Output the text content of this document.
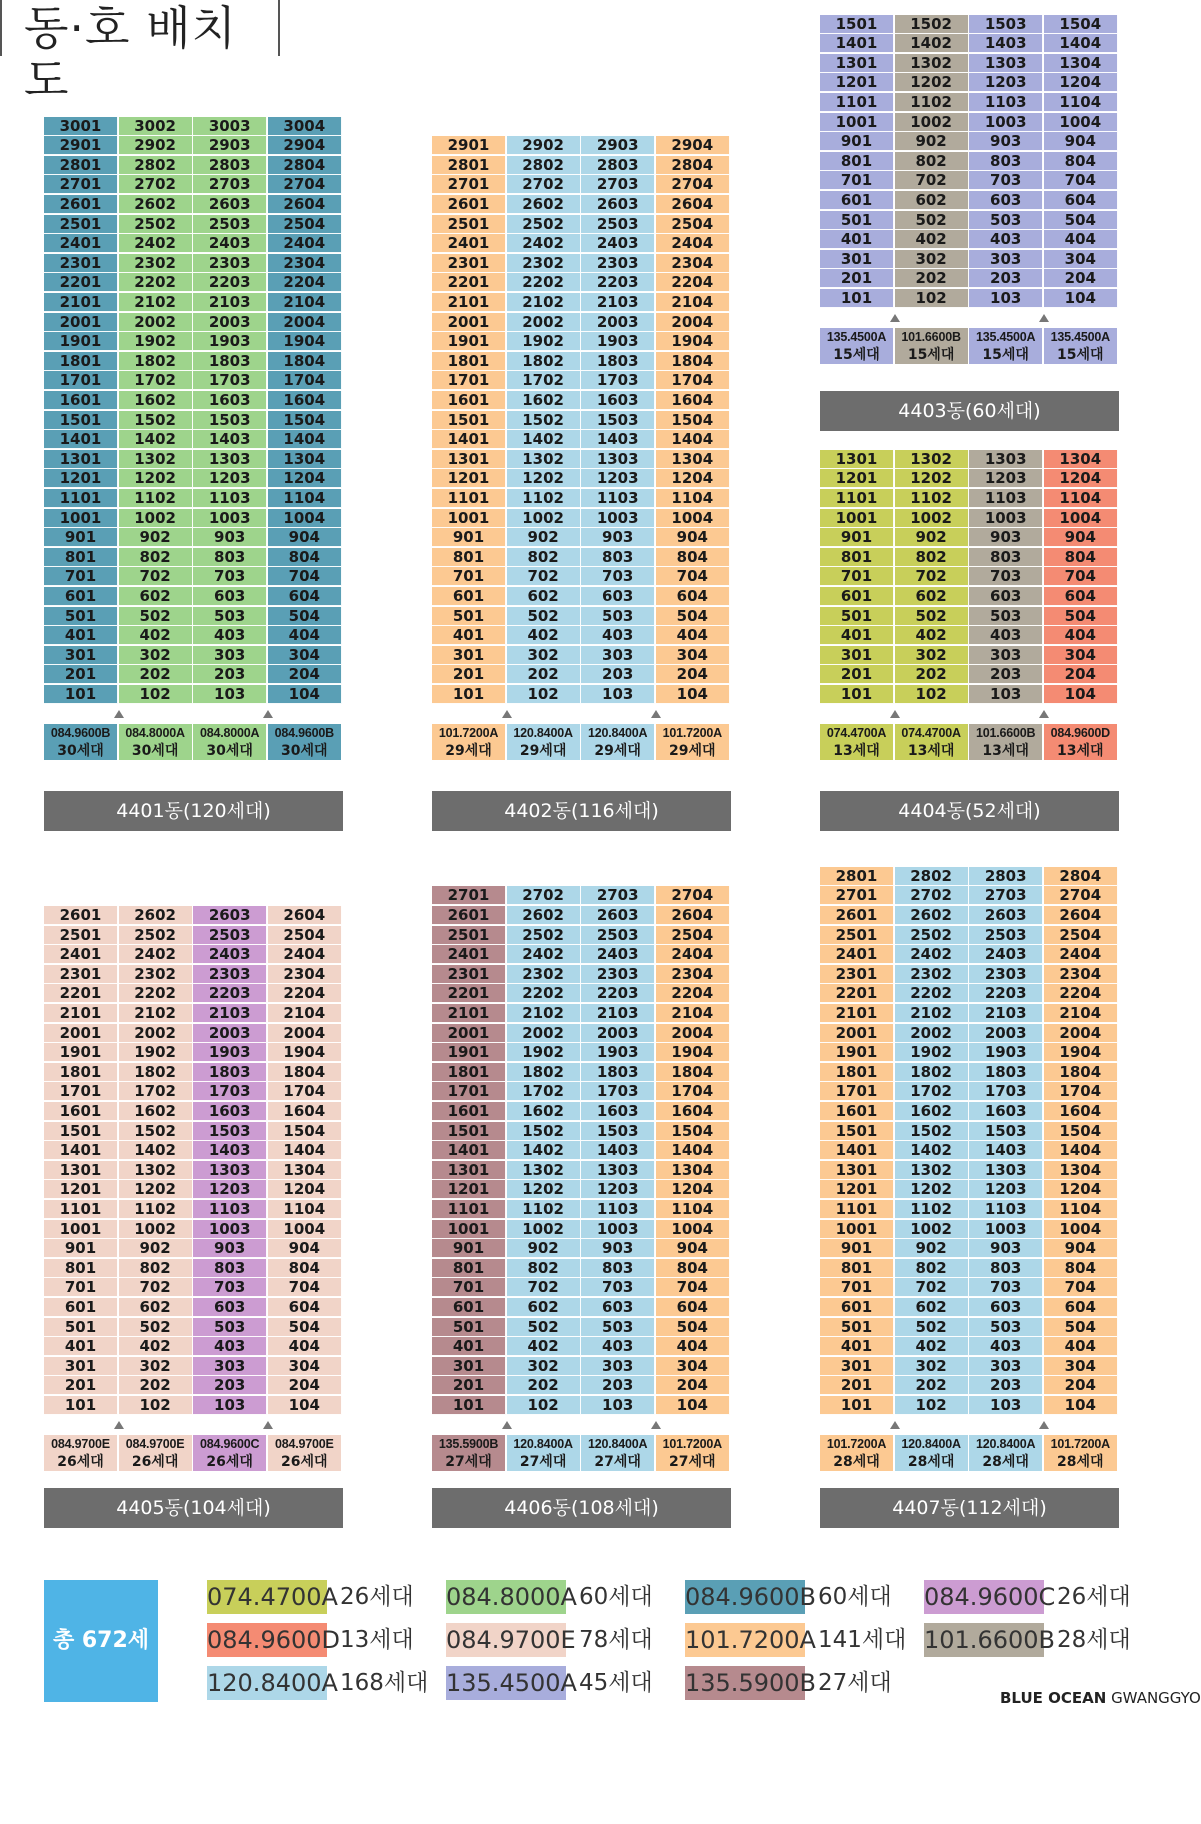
동·호 배치도
3001	3002	3003	3004
2901	2902	2903	2904
2801	2802	2803	2804
2701	2702	2703	2704
2601	2602	2603	2604
2501	2502	2503	2504
2401	2402	2403	2404
2301	2302	2303	2304
2201	2202	2203	2204
2101	2102	2103	2104
2001	2002	2003	2004
1901	1902	1903	1904
1801	1802	1803	1804
1701	1702	1703	1704
1601	1602	1603	1604
1501	1502	1503	1504
1401	1402	1403	1404
1301	1302	1303	1304
1201	1202	1203	1204
1101	1102	1103	1104
1001	1002	1003	1004
901	902	903	904
801	802	803	804
701	702	703	704
601	602	603	604
501	502	503	504
401	402	403	404
301	302	303	304
201	202	203	204
101	102	103	104
084.9600B
30세대
084.8000A
30세대
084.8000A
30세대
084.9600B
30세대
4401동(120세대)
2901	2902	2903	2904
2801	2802	2803	2804
2701	2702	2703	2704
2601	2602	2603	2604
2501	2502	2503	2504
2401	2402	2403	2404
2301	2302	2303	2304
2201	2202	2203	2204
2101	2102	2103	2104
2001	2002	2003	2004
1901	1902	1903	1904
1801	1802	1803	1804
1701	1702	1703	1704
1601	1602	1603	1604
1501	1502	1503	1504
1401	1402	1403	1404
1301	1302	1303	1304
1201	1202	1203	1204
1101	1102	1103	1104
1001	1002	1003	1004
901	902	903	904
801	802	803	804
701	702	703	704
601	602	603	604
501	502	503	504
401	402	403	404
301	302	303	304
201	202	203	204
101	102	103	104
101.7200A
29세대
120.8400A
29세대
120.8400A
29세대
101.7200A
29세대
4402동(116세대)
1501	1502	1503	1504
1401	1402	1403	1404
1301	1302	1303	1304
1201	1202	1203	1204
1101	1102	1103	1104
1001	1002	1003	1004
901	902	903	904
801	802	803	804
701	702	703	704
601	602	603	604
501	502	503	504
401	402	403	404
301	302	303	304
201	202	203	204
101	102	103	104
135.4500A
15세대
101.6600B
15세대
135.4500A
15세대
135.4500A
15세대
4403동(60세대)
1301	1302	1303	1304
1201	1202	1203	1204
1101	1102	1103	1104
1001	1002	1003	1004
901	902	903	904
801	802	803	804
701	702	703	704
601	602	603	604
501	502	503	504
401	402	403	404
301	302	303	304
201	202	203	204
101	102	103	104
074.4700A
13세대
074.4700A
13세대
101.6600B
13세대
084.9600D
13세대
4404동(52세대)
2601	2602	2603	2604
2501	2502	2503	2504
2401	2402	2403	2404
2301	2302	2303	2304
2201	2202	2203	2204
2101	2102	2103	2104
2001	2002	2003	2004
1901	1902	1903	1904
1801	1802	1803	1804
1701	1702	1703	1704
1601	1602	1603	1604
1501	1502	1503	1504
1401	1402	1403	1404
1301	1302	1303	1304
1201	1202	1203	1204
1101	1102	1103	1104
1001	1002	1003	1004
901	902	903	904
801	802	803	804
701	702	703	704
601	602	603	604
501	502	503	504
401	402	403	404
301	302	303	304
201	202	203	204
101	102	103	104
084.9700E
26세대
084.9700E
26세대
084.9600C
26세대
084.9700E
26세대
4405동(104세대)
2701	2702	2703	2704
2601	2602	2603	2604
2501	2502	2503	2504
2401	2402	2403	2404
2301	2302	2303	2304
2201	2202	2203	2204
2101	2102	2103	2104
2001	2002	2003	2004
1901	1902	1903	1904
1801	1802	1803	1804
1701	1702	1703	1704
1601	1602	1603	1604
1501	1502	1503	1504
1401	1402	1403	1404
1301	1302	1303	1304
1201	1202	1203	1204
1101	1102	1103	1104
1001	1002	1003	1004
901	902	903	904
801	802	803	804
701	702	703	704
601	602	603	604
501	502	503	504
401	402	403	404
301	302	303	304
201	202	203	204
101	102	103	104
135.5900B
27세대
120.8400A
27세대
120.8400A
27세대
101.7200A
27세대
4406동(108세대)
2801	2802	2803	2804
2701	2702	2703	2704
2601	2602	2603	2604
2501	2502	2503	2504
2401	2402	2403	2404
2301	2302	2303	2304
2201	2202	2203	2204
2101	2102	2103	2104
2001	2002	2003	2004
1901	1902	1903	1904
1801	1802	1803	1804
1701	1702	1703	1704
1601	1602	1603	1604
1501	1502	1503	1504
1401	1402	1403	1404
1301	1302	1303	1304
1201	1202	1203	1204
1101	1102	1103	1104
1001	1002	1003	1004
901	902	903	904
801	802	803	804
701	702	703	704
601	602	603	604
501	502	503	504
401	402	403	404
301	302	303	304
201	202	203	204
101	102	103	104
101.7200A
28세대
120.8400A
28세대
120.8400A
28세대
101.7200A
28세대
4407동(112세대)
총 672세대
074.4700A 26세대 084.8000A 60세대 084.9600B 60세대 084.9600C 26세대
084.9600D 13세대 084.9700E 78세대 101.7200A 141세대 101.6600B 28세대
120.8400A 168세대 135.4500A 45세대 135.5900B 27세대
BLUE OCEAN GWANGGYO
